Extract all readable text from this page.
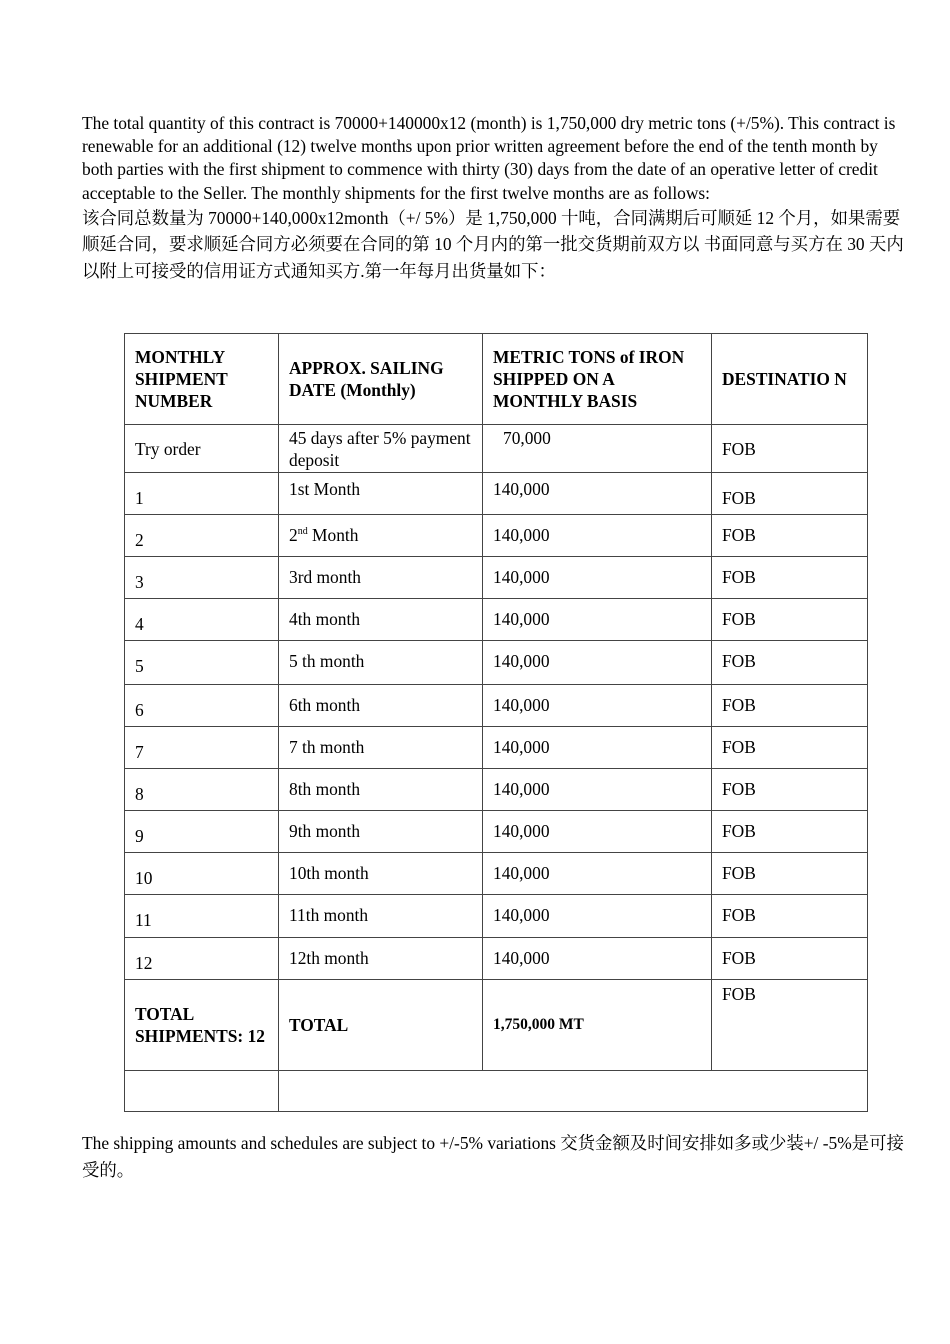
The total quantity of this contract is 70000+140000x12 (month) is 1,750,000 dry metric tons (+/5%). This contract is renewable for an additional (12) twelve months upon prior written agreement before the end of the tenth month by both parties with the first shipment to commence with thirty (30) days from the date of an operative letter of credit acceptable to the Seller. The monthly shipments for the first twelve months are as follows:

该合同总数量为 70000+140,000x12month（+/ 5%）是 1,750,000 十吨，合同满期后可顺延 12 个月，如果需要顺延合同，要求顺延合同方必须要在合同的第 10 个月内的第一批交货期前双方以 书面同意与买方在 30 天内以附上可接受的信用证方式通知买方.第一年每月出货量如下：

MONTHLY SHIPMENT NUMBER	APPROX. SAILING DATE (Monthly)	METRIC TONS of IRON SHIPPED ON A MONTHLY BASIS	DESTINATIO N
Try order	45 days after 5% payment deposit	70,000	FOB
1	1st Month	140,000	FOB
2	2nd Month	140,000	FOB
3	3rd month	140,000	FOB
4	4th month	140,000	FOB
5	5 th month	140,000	FOB
6	6th month	140,000	FOB
7	7 th month	140,000	FOB
8	8th month	140,000	FOB
9	9th month	140,000	FOB
10	10th month	140,000	FOB
11	11th month	140,000	FOB
12	12th month	140,000	FOB
TOTAL SHIPMENTS: 12	TOTAL	1,750,000 MT	FOB

The shipping amounts and schedules are subject to +/-5% variations 交货金额及时间安排如多或少装+/ -5%是可接受的。
